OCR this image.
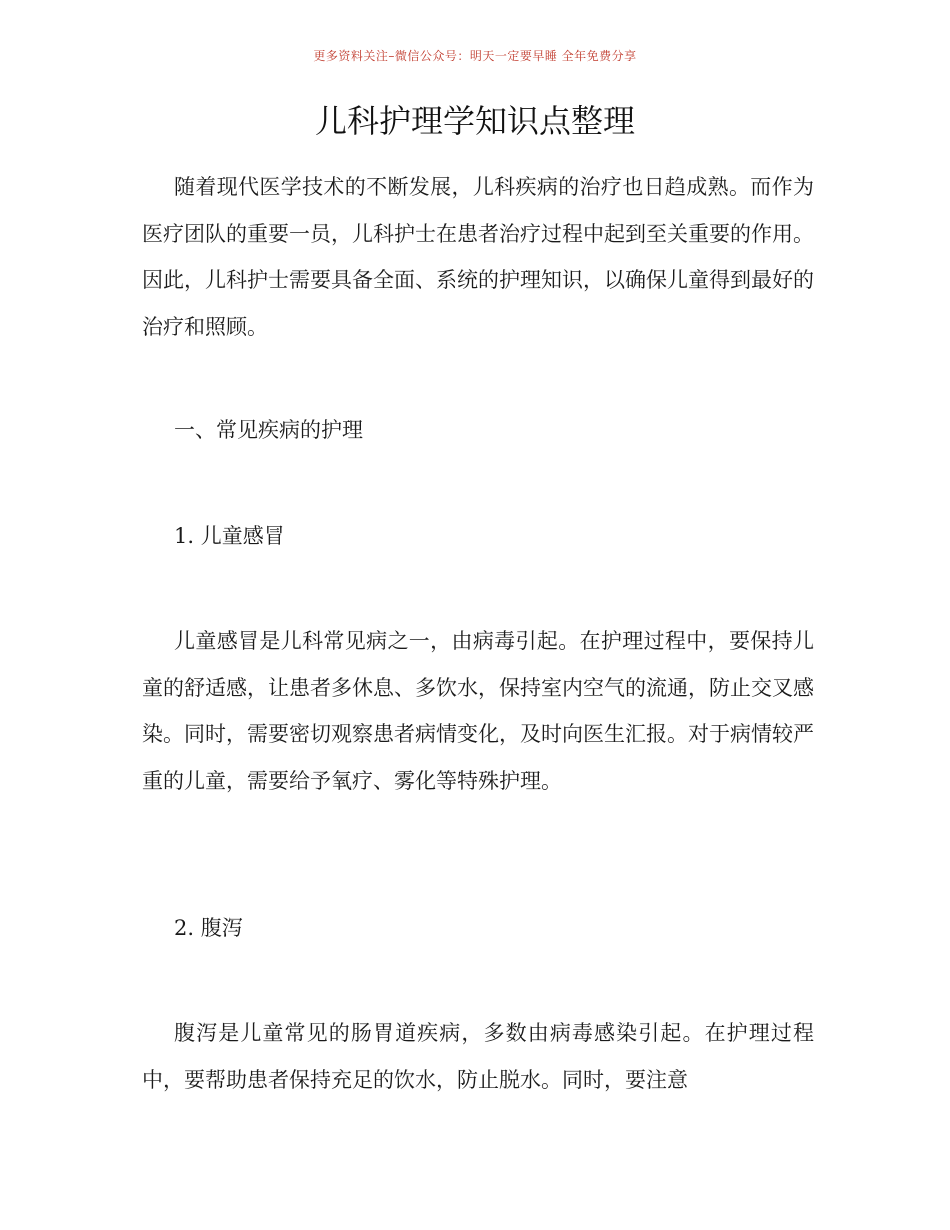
更多资料关注–微信公众号：明天一定要早睡 全年免费分享
儿科护理学知识点整理

随着现代医学技术的不断发展，儿科疾病的治疗也日趋成熟。而作为医疗团队的重要一员，儿科护士在患者治疗过程中起到至关重要的作用。因此，儿科护士需要具备全面、系统的护理知识，以确保儿童得到最好的治疗和照顾。

一、常见疾病的护理
1. 儿童感冒

儿童感冒是儿科常见病之一，由病毒引起。在护理过程中，要保持儿童的舒适感，让患者多休息、多饮水，保持室内空气的流通，防止交叉感染。同时，需要密切观察患者病情变化，及时向医生汇报。对于病情较严重的儿童，需要给予氧疗、雾化等特殊护理。

2. 腹泻

腹泻是儿童常见的肠胃道疾病，多数由病毒感染引起。在护理过程中，要帮助患者保持充足的饮水，防止脱水。同时，要注意
